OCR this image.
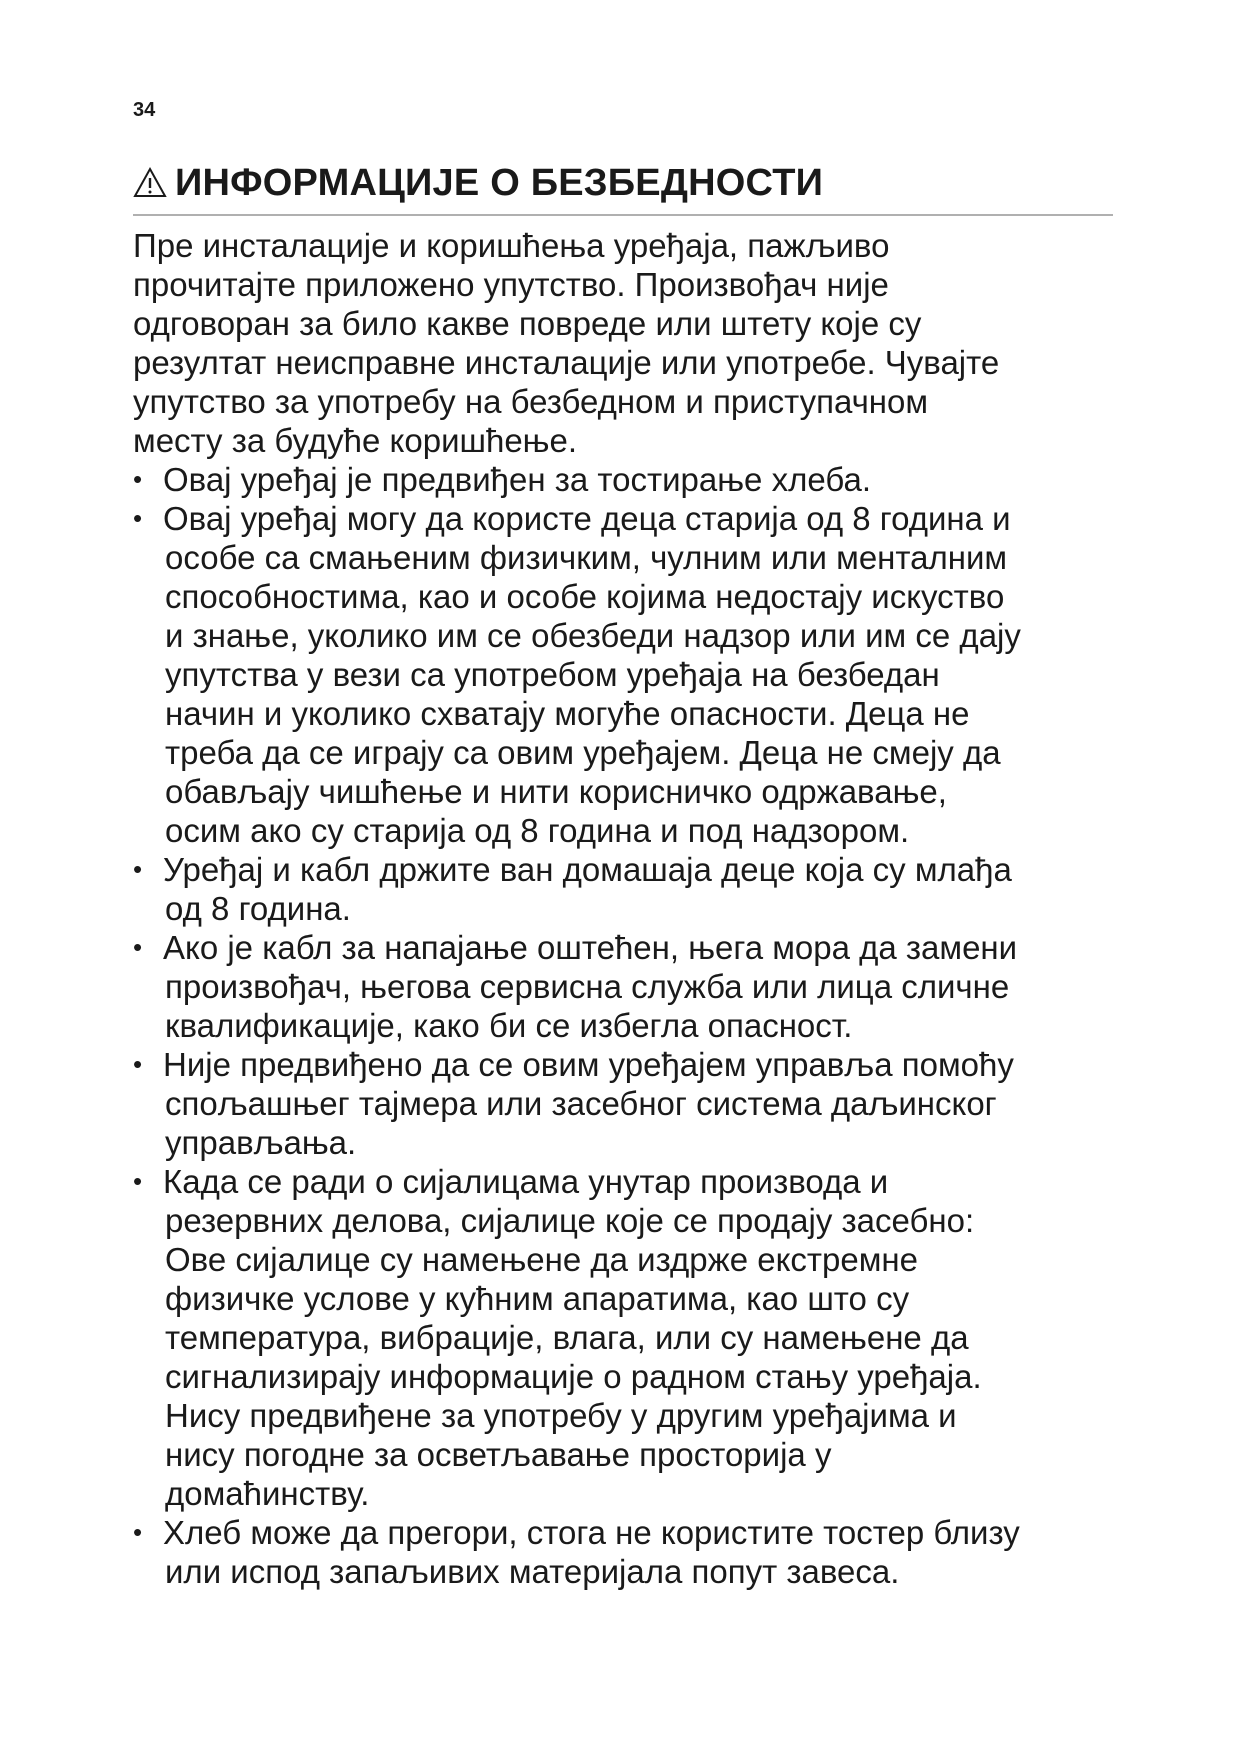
34
ИНФОРМАЦИЈЕ О БЕЗБЕДНОСТИ

Пре инсталације и коришћења уређаја, пажљиво
прочитајте приложено упутство. Произвођач није
одговоран за било какве повреде или штету које су
резултат неисправне инсталације или употребе. Чувајте
упутство за употребу на безбедном и приступачном
месту за будуће коришћење.

• Овај уређај је предвиђен за тостирање хлеба.
• Овај уређај могу да користе деца старија од 8 година и
особе са смањеним физичким, чулним или менталним
способностима, као и особе којима недостају искуство
и знање, уколико им се обезбеди надзор или им се дају
упутства у вези са употребом уређаја на безбедан
начин и уколико схватају могуће опасности. Деца не
треба да се играју са овим уређајем. Деца не смеју да
обављају чишћење и нити корисничко одржавање,
осим ако су старија од 8 година и под надзором.
• Уређај и кабл држите ван домашаја деце која су млађа
од 8 година.
• Ако је кабл за напајање оштећен, њега мора да замени
произвођач, његова сервисна служба или лица сличне
квалификације, како би се избегла опасност.
• Није предвиђено да се овим уређајем управља помоћу
спољашњег тајмера или засебног система даљинског
управљања.
• Када се ради о сијалицама унутар производа и
резервних делова, сијалице које се продају засебно:
Ове сијалице су намењене да издрже екстремне
физичке услове у кућним апаратима, као што су
температура, вибрације, влага, или су намењене да
сигнализирају информације о радном стању уређаја.
Нису предвиђене за употребу у другим уређајима и
нису погодне за осветљавање просторија у
домаћинству.
• Хлеб може да прегори, стога не користите тостер близу
или испод запаљивих материјала попут завеса.
